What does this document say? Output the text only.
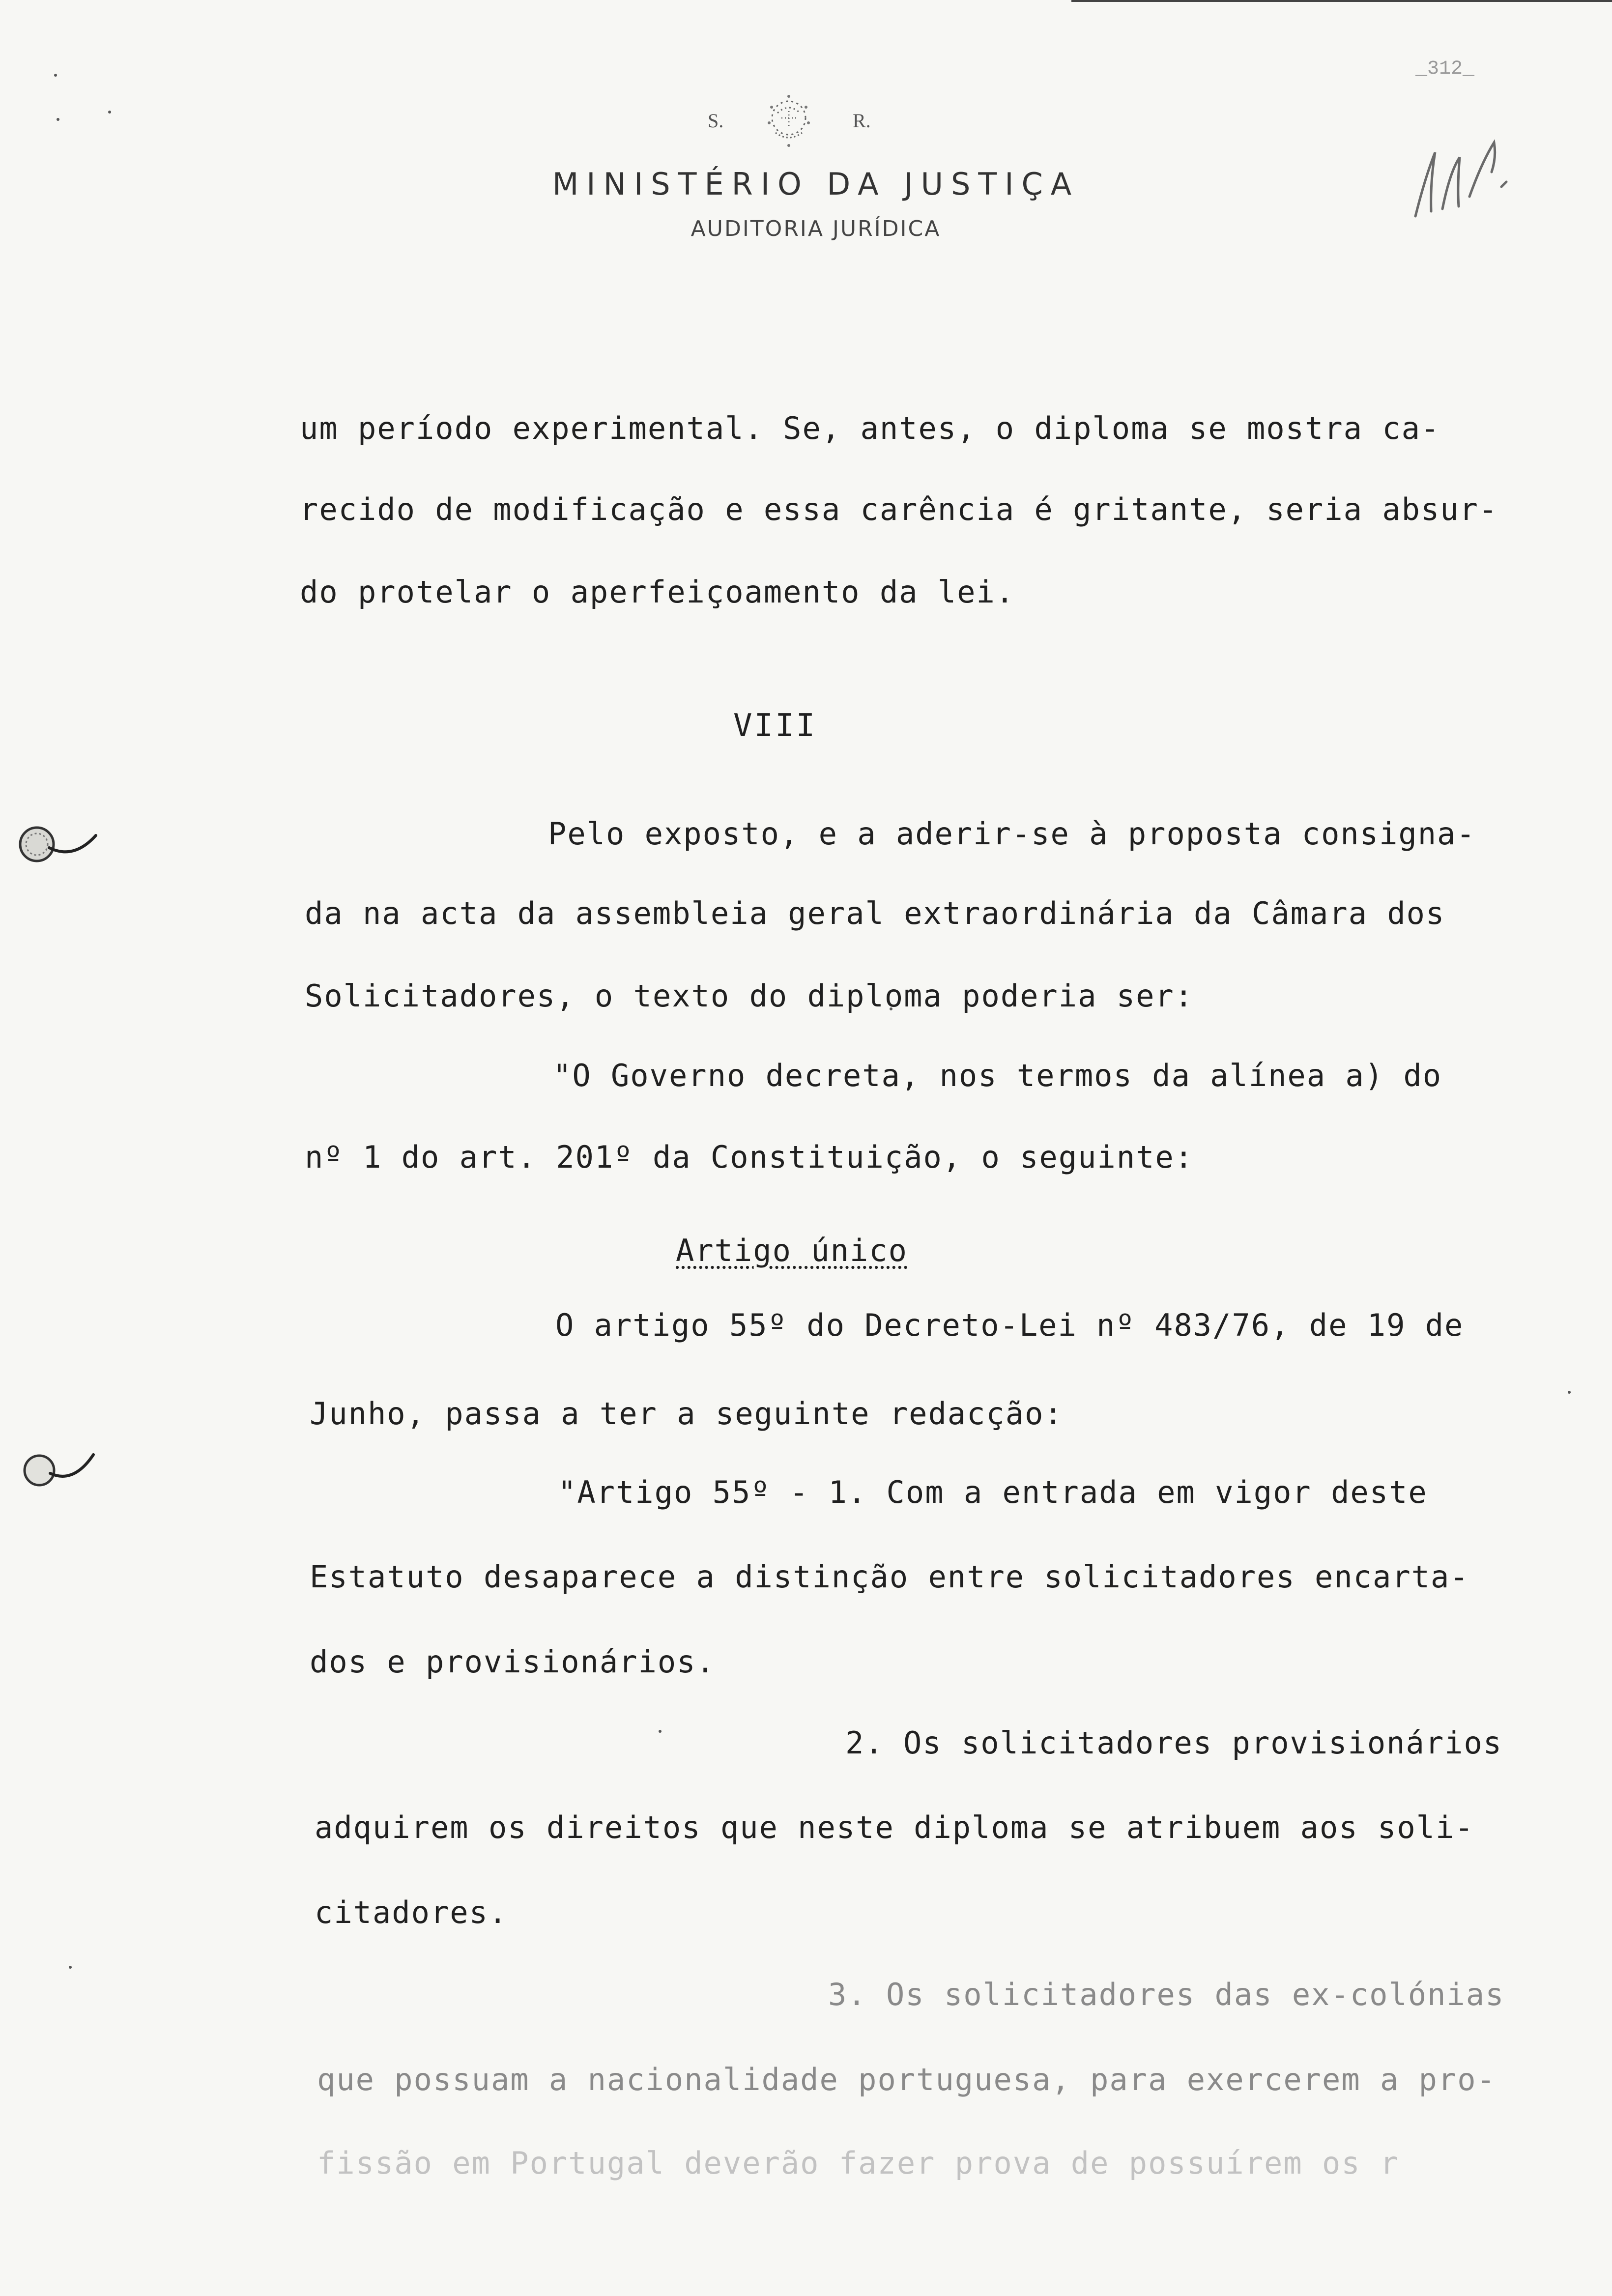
S.	R.
MINISTÉRIO DA JUSTIÇA
AUDITORIA JURÍDICA
_312_
um período experimental. Se, antes, o diploma se mostra ca-
recido de modificação e essa carência é gritante, seria absur-
do protelar o aperfeiçoamento da lei.
VIII
Pelo exposto, e a aderir-se à proposta consigna-
da na acta da assembleia geral extraordinária da Câmara dos
Solicitadores, o texto do diploma poderia ser:
"O Governo decreta, nos termos da alínea a) do
nº 1 do art. 201º da Constituição, o seguinte:
Artigo único
O artigo 55º do Decreto-Lei nº 483/76, de 19 de
Junho, passa a ter a seguinte redacção:
"Artigo 55º - 1. Com a entrada em vigor deste
Estatuto desaparece a distinção entre solicitadores encarta-
dos e provisionários.
2. Os solicitadores provisionários
adquirem os direitos que neste diploma se atribuem aos soli-
citadores.
3. Os solicitadores das ex-colónias
que possuam a nacionalidade portuguesa, para exercerem a pro-
fissão em Portugal deverão fazer prova de possuírem os r
